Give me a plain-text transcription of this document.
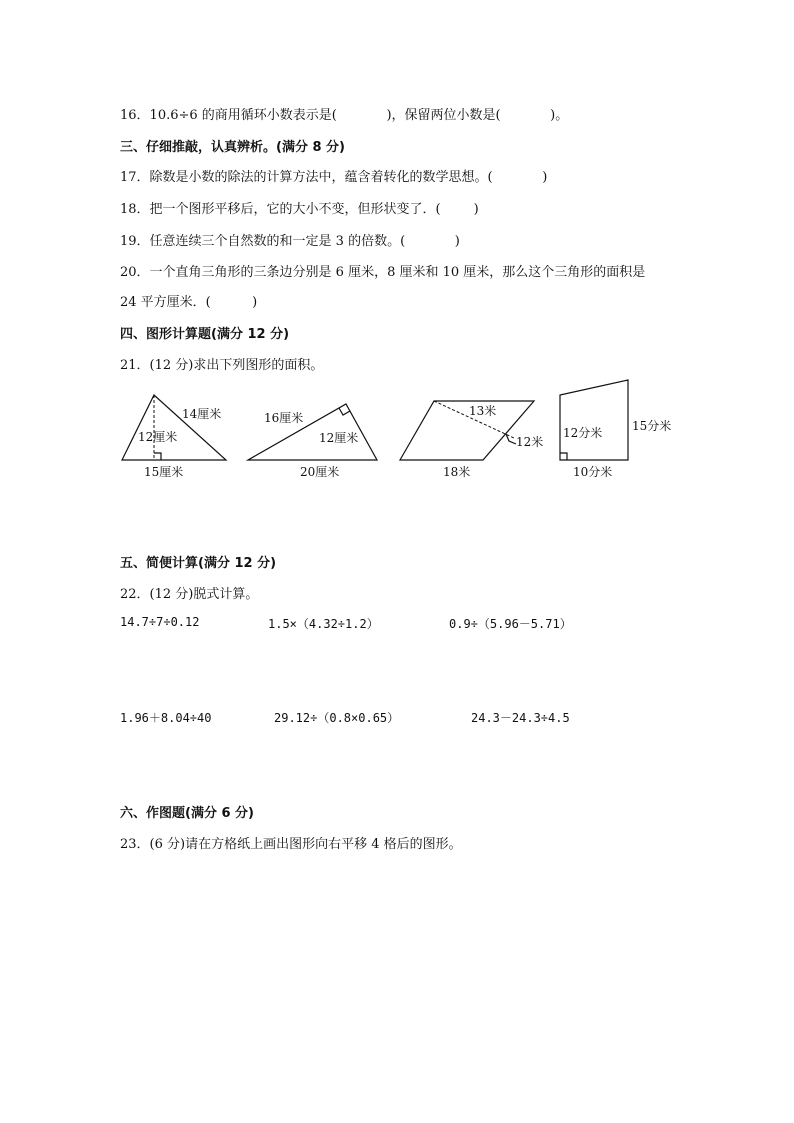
16．10.6÷6 的商用循环小数表示是(            )，保留两位小数是(            )。
三、仔细推敲，认真辨析。(满分 8 分)
17．除数是小数的除法的计算方法中，蕴含着转化的数学思想。(            )
18．把一个图形平移后，它的大小不变，但形状变了．(        )
19．任意连续三个自然数的和一定是 3 的倍数。(            )
20．一个直角三角形的三条边分别是 6 厘米，8 厘米和 10 厘米，那么这个三角形的面积是
24 平方厘米．(          )
四、图形计算题(满分 12 分)
21．(12 分)求出下列图形的面积。
14厘米
12厘米
15厘米
16厘米
12厘米
20厘米
13米
12米
18米
12分米 15分米
10分米
五、简便计算(满分 12 分)
22．(12 分)脱式计算。
14.7÷7÷0.12	1.5×（4.32÷1.2）	0.9÷（5.96－5.71）
1.96＋8.04÷40	29.12÷（0.8×0.65）	24.3－24.3÷4.5
六、作图题(满分 6 分)
23．(6 分)请在方格纸上画出图形向右平移 4 格后的图形。
